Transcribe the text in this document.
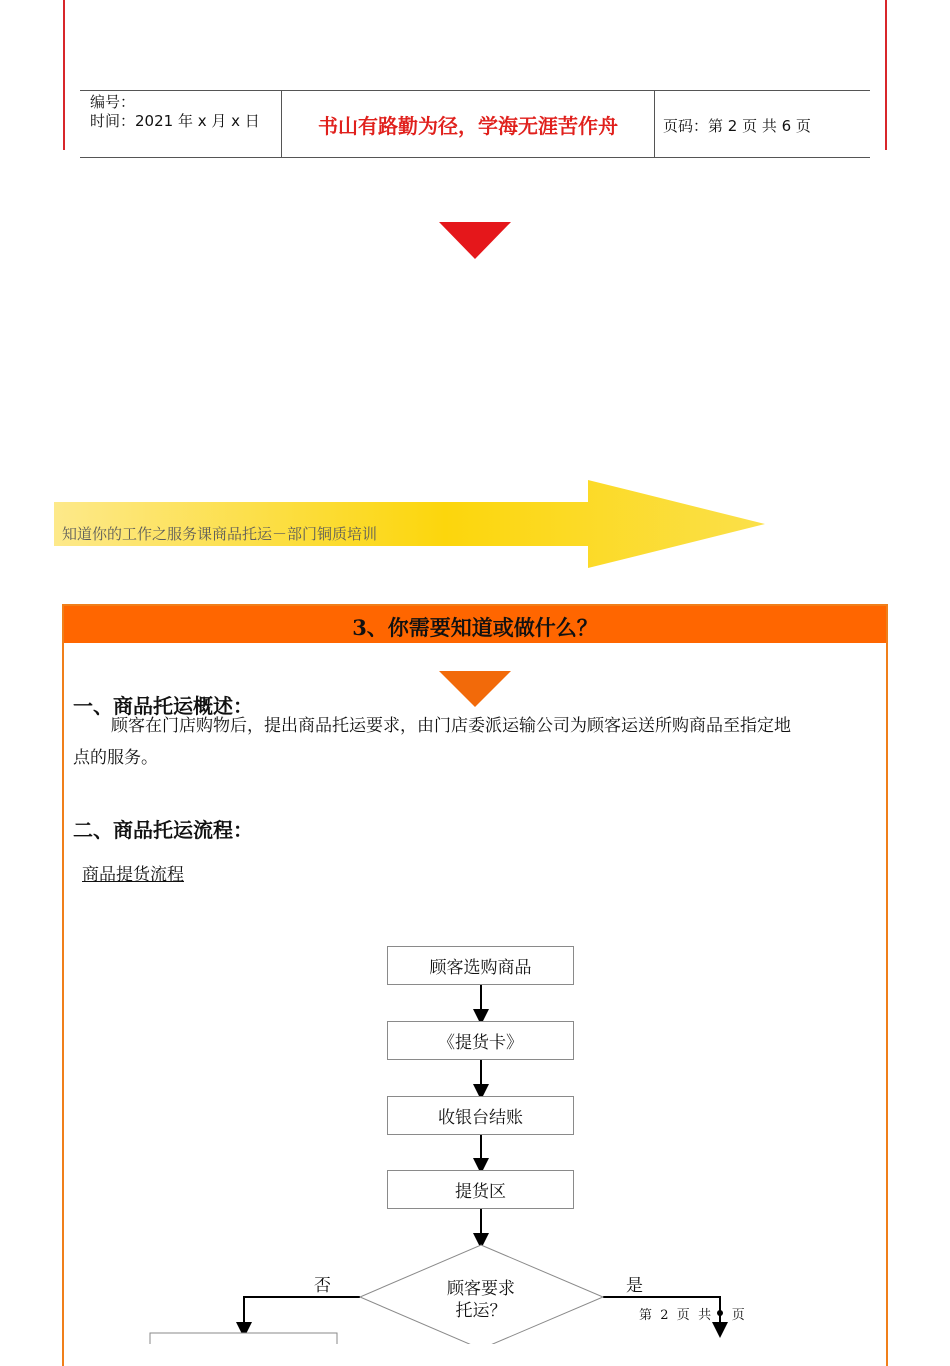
编号：
时间：2021 年 x 月 x 日	书山有路勤为径，学海无涯苦作舟	页码：第 2 页 共 6 页
知道你的工作之服务课商品托运－部门铜质培训
3、你需要知道或做什么？
一、商品托运概述：
顾客在门店购物后，提出商品托运要求，由门店委派运输公司为顾客运送所购商品至指定地
点的服务。
二、商品托运流程：
商品提货流程
顾客选购商品
《提货卡》
收银台结账
提货区
顾客要求
托运？
否	是
第  2  页  共     页
